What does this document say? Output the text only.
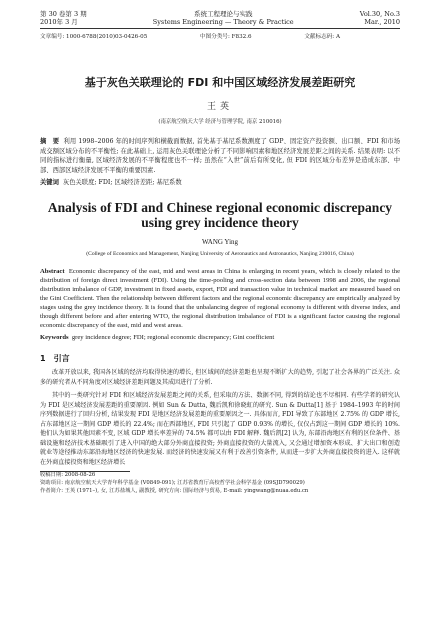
第 30 卷第 3 期
2010年 3 月
系统工程理论与实践
Systems Engineering — Theory & Practice
Vol.30, No.3
Mar., 2010
文章编号: 1000-6788(2010)03-0426-05	中图分类号: F832.6	文献标志码: A
基于灰色关联理论的 FDI 和中国区域经济发展差距研究
王英
(南京航空航天大学 经济与管理学院, 南京 210016)
摘　要 利用 1998–2006 年的时间序列和横截面数据, 首先基于基尼系数测度了 GDP、固定资产投资额、出口额、FDI 和市场成交额区域分布的不平衡性; 在此基础上, 运用灰色关联理论分析了不同影响因素和地区经济发展差距之间的关系. 结果表明: 以不同的指标进行衡量, 区域经济发展的不平衡程度也不一样; 虽然在“入世”前后有所变化, 但 FDI 的区域分布差异是造成东部、中部、西部区域经济发展不平衡的重要因素.
关键词 灰色关联度; FDI; 区域经济差距; 基尼系数
Analysis of FDI and Chinese regional economic discrepancy using grey incidence theory
WANG Ying
(College of Economics and Management, Nanjing University of Aeronautics and Astronautics, Nanjing 210016, China)
Abstract Economic discrepancy of the east, mid and west areas in China is enlarging in recent years, which is closely related to the distribution of foreign direct investment (FDI). Using the time-pooling and cross-section data between 1998 and 2006, the regional distribution imbalance of GDP, investment in fixed assets, export, FDI and transaction value in technical market are measured based on the Gini Coefficient. Then the relationship between different factors and the regional economic discrepancy are empirically analyzed by stages using the grey incidence theory. It is found that the unbalancing degree of regional economy is different with diverse index, and though different before and after entering WTO, the regional distribution imbalance of FDI is a significant factor causing the regional economic discrepancy of the east, mid and west areas.
Keywords grey incidence degree; FDI; regional economic discrepancy; Gini coefficient
1　引言

改革开放以来, 我国各区域的经济均取得快速的增长, 但区域间的经济差距也呈现不断扩大的趋势, 引起了社会各界的广泛关注. 众多的研究者从不同角度对区域经济差距问题及其成因进行了分析.

其中的一类研究针对 FDI 和区域经济发展差距之间的关系, 但采取的方法、数据不同, 得到的结论也不尽相同. 有些学者的研究认为 FDI 是区域经济发展差距的重要原因. 例如 Sun & Dutta, 魏后凯和徐晓虹的研究. Sun & Dutta[1] 基于 1984–1993 年的时间序列数据进行了回归分析, 结果发现 FDI 是地区经济发展差距的重要原因之一. 具体而言, FDI 导致了东部地区 2.75% 的 GDP 增长, 占东部地区这一期间 GDP 增长的 22.4%; 而在西部地区, FDI 只引起了 GDP 0.93% 的增长, 仅仅占到这一期间 GDP 增长的 10%. 他们认为如果其他因素不变, 区域 GDP 增长率差异的 74.5% 都可以由 FDI 解释. 魏后凯[2] 认为, 东部沿海地区有利的区位条件、基础设施和经济技术基础吸引了进入中国的绝大部分外商直接投资; 外商直接投资的大量流入, 又会通过增加资本形成、扩大出口和创造就业等途径推动东部沿海地区经济的快速发展. 而经济的快速发展又有利于改善引资条件, 从而进一步扩大外商直接投资的进入. 这样就在外商直接投资和地区经济增长

收稿日期: 2008-08-26
资助项目: 南京航空航天大学青年科学基金 (V0849-091); 江苏省教育厅高校哲学社会科学基金 (09SJD790029)
作者简介: 王英 (1971–), 女, 江苏盐城人, 副教授, 研究方向: 国际经济与贸易, E-mail: yingwang@nuaa.edu.cn
